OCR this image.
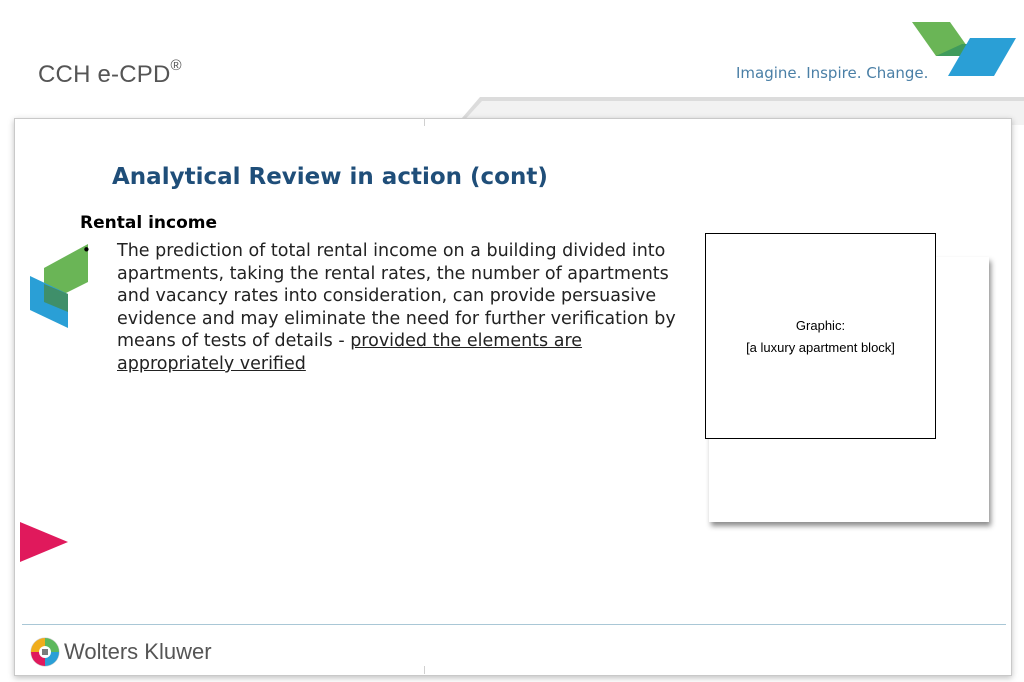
CCH e-CPD®	Imagine. Inspire. Change.
Analytical Review in action (cont)
Rental income
• The prediction of total rental income on a building divided into apartments, taking the rental rates, the number of apartments and vacancy rates into consideration, can provide persuasive evidence and may eliminate the need for further verification by means of tests of details - provided the elements are appropriately verified
Graphic:
[a luxury apartment block]
Wolters Kluwer
